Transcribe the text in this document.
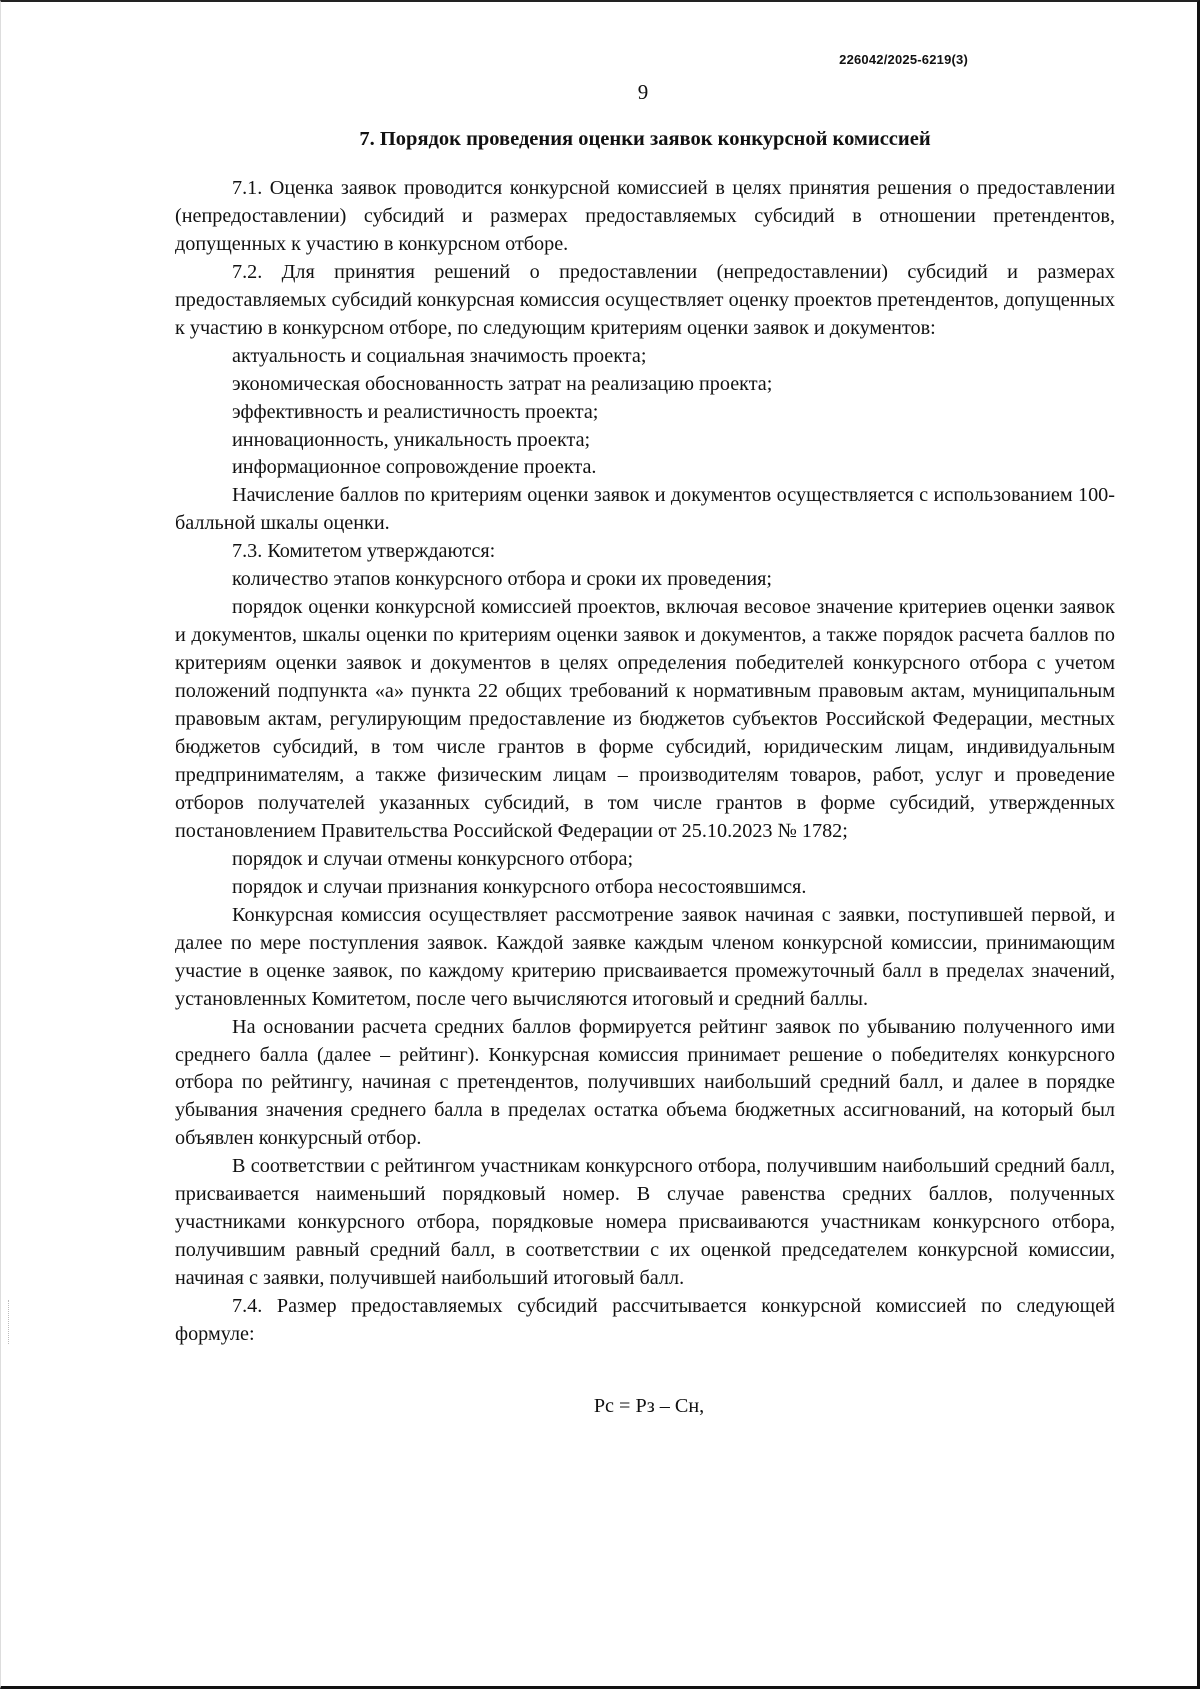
226042/2025-6219(3)
9
7. Порядок проведения оценки заявок конкурсной комиссией

7.1. Оценка заявок проводится конкурсной комиссией в целях принятия решения о предоставлении (непредоставлении) субсидий и размерах предоставляемых субсидий в отношении претендентов, допущенных к участию в конкурсном отборе.

7.2. Для принятия решений о предоставлении (непредоставлении) субсидий и размерах предоставляемых субсидий конкурсная комиссия осуществляет оценку проектов претендентов, допущенных к участию в конкурсном отборе, по следующим критериям оценки заявок и документов:

актуальность и социальная значимость проекта;

экономическая обоснованность затрат на реализацию проекта;

эффективность и реалистичность проекта;

инновационность, уникальность проекта;

информационное сопровождение проекта.

Начисление баллов по критериям оценки заявок и документов осуществляется с использованием 100-балльной шкалы оценки.

7.3. Комитетом утверждаются:

количество этапов конкурсного отбора и сроки их проведения;

порядок оценки конкурсной комиссией проектов, включая весовое значение критериев оценки заявок и документов, шкалы оценки по критериям оценки заявок и документов, а также порядок расчета баллов по критериям оценки заявок и документов в целях определения победителей конкурсного отбора с учетом положений подпункта «а» пункта 22 общих требований к нормативным правовым актам, муниципальным правовым актам, регулирующим предоставление из бюджетов субъектов Российской Федерации, местных бюджетов субсидий, в том числе грантов в форме субсидий, юридическим лицам, индивидуальным предпринимателям, а также физическим лицам – производителям товаров, работ, услуг и проведение отборов получателей указанных субсидий, в том числе грантов в форме субсидий, утвержденных постановлением Правительства Российской Федерации от 25.10.2023 № 1782;

порядок и случаи отмены конкурсного отбора;

порядок и случаи признания конкурсного отбора несостоявшимся.

Конкурсная комиссия осуществляет рассмотрение заявок начиная с заявки, поступившей первой, и далее по мере поступления заявок. Каждой заявке каждым членом конкурсной комиссии, принимающим участие в оценке заявок, по каждому критерию присваивается промежуточный балл в пределах значений, установленных Комитетом, после чего вычисляются итоговый и средний баллы.

На основании расчета средних баллов формируется рейтинг заявок по убыванию полученного ими среднего балла (далее – рейтинг). Конкурсная комиссия принимает решение о победителях конкурсного отбора по рейтингу, начиная с претендентов, получивших наибольший средний балл, и далее в порядке убывания значения среднего балла в пределах остатка объема бюджетных ассигнований, на который был объявлен конкурсный отбор.

В соответствии с рейтингом участникам конкурсного отбора, получившим наибольший средний балл, присваивается наименьший порядковый номер. В случае равенства средних баллов, полученных участниками конкурсного отбора, порядковые номера присваиваются участникам конкурсного отбора, получившим равный средний балл, в соответствии с их оценкой председателем конкурсной комиссии, начиная с заявки, получившей наибольший итоговый балл.

7.4. Размер предоставляемых субсидий рассчитывается конкурсной комиссией по следующей формуле:

Рс = Рз – Сн,
